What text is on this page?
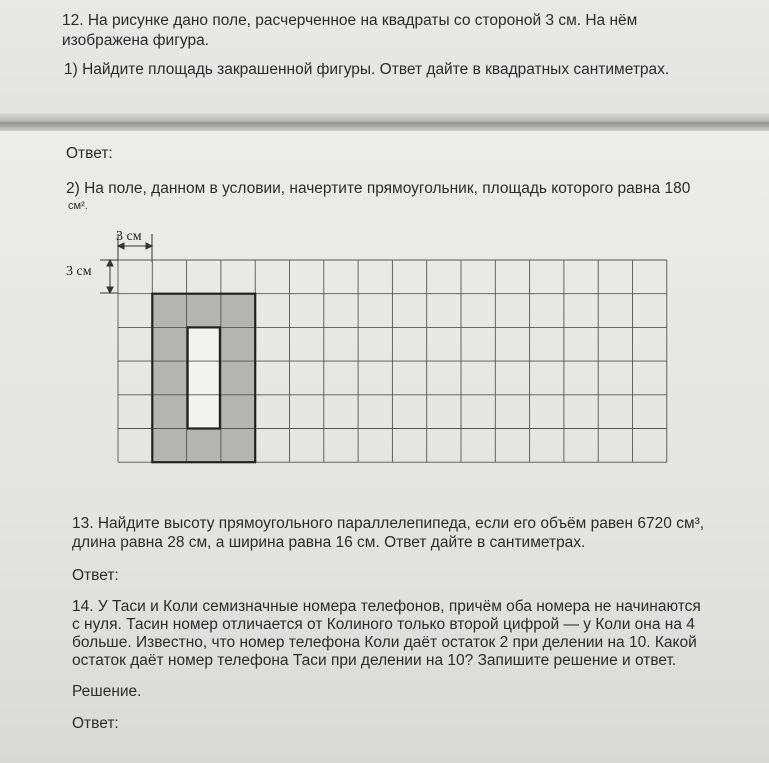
12. На рисунке дано поле, расчерченное на квадраты со стороной 3 см. На нём

изображена фигура.

1) Найдите площадь закрашенной фигуры. Ответ дайте в квадратных сантиметрах.

Ответ:

2) На поле, данном в условии, начертите прямоугольник, площадь которого равна 180

см².

3 см
3 см

13. Найдите высоту прямоугольного параллелепипеда, если его объём равен 6720 см³,

длина равна 28 см, а ширина равна 16 см. Ответ дайте в сантиметрах.

Ответ:

14. У Таси и Коли семизначные номера телефонов, причём оба номера не начинаются

с нуля. Тасин номер отличается от Колиного только второй цифрой — у Коли она на 4

больше. Известно, что номер телефона Коли даёт остаток 2 при делении на 10. Какой

остаток даёт номер телефона Таси при делении на 10? Запишите решение и ответ.

Решение.

Ответ:
